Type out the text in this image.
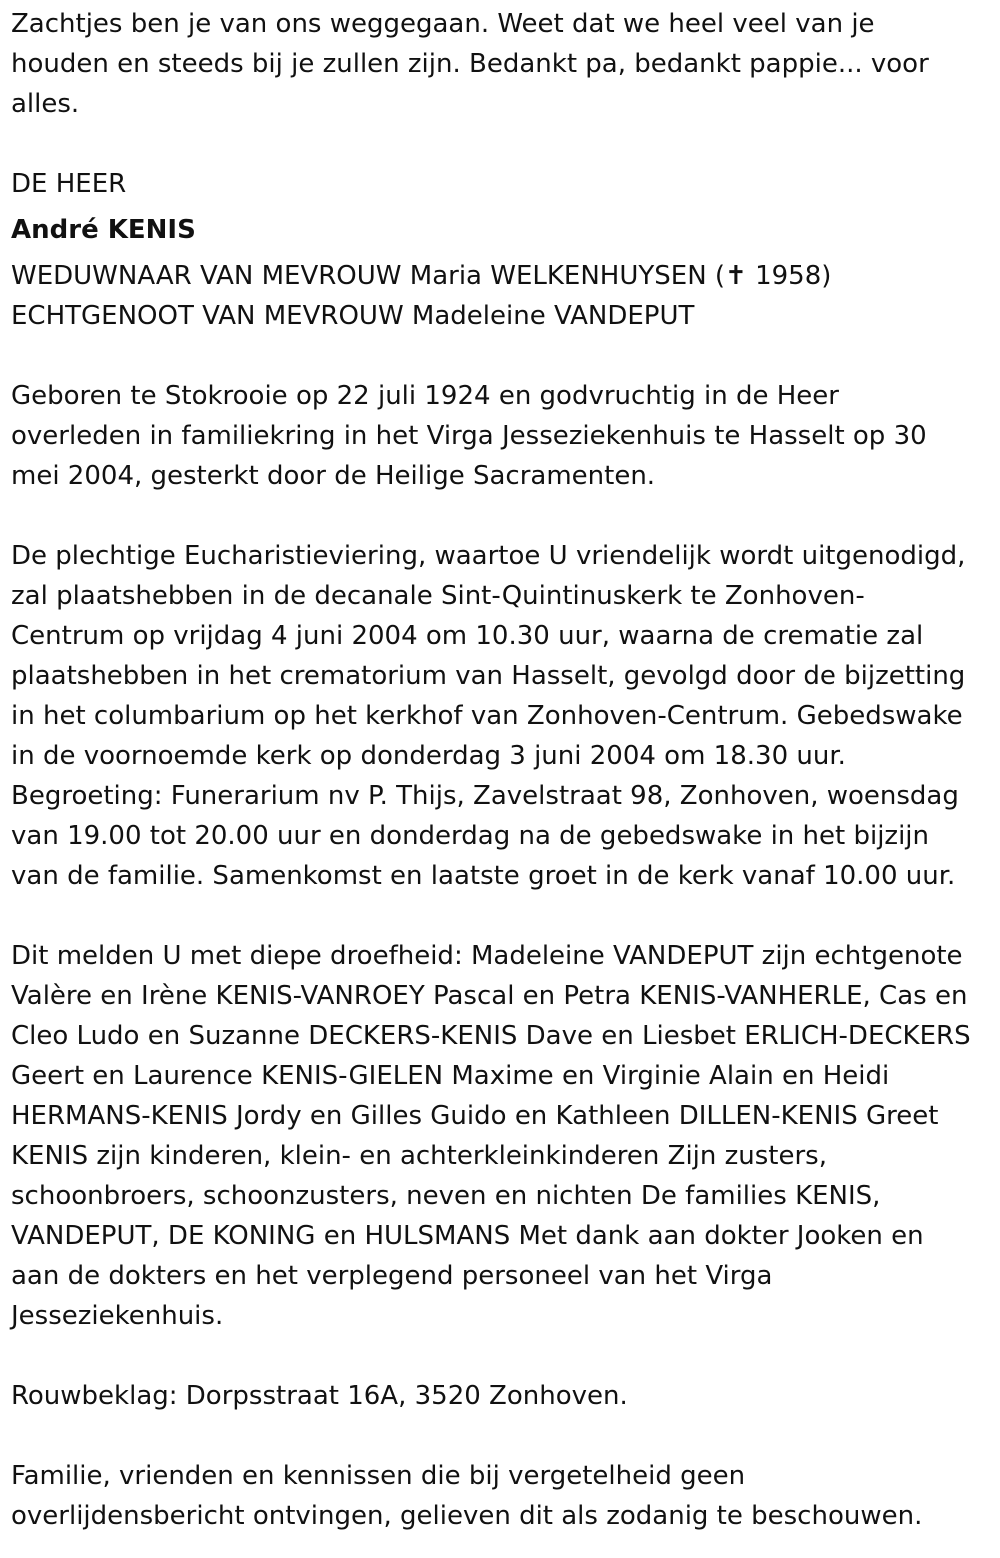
Zachtjes ben je van ons weggegaan. Weet dat we heel veel van je
houden en steeds bij je zullen zijn. Bedankt pa, bedankt pappie... voor
alles.

DE HEER

André KENIS

WEDUWNAAR VAN MEVROUW Maria WELKENHUYSEN (✝ 1958)
ECHTGENOOT VAN MEVROUW Madeleine VANDEPUT

Geboren te Stokrooie op 22 juli 1924 en godvruchtig in de Heer
overleden in familiekring in het Virga Jesseziekenhuis te Hasselt op 30
mei 2004, gesterkt door de Heilige Sacramenten.

De plechtige Eucharistieviering, waartoe U vriendelijk wordt uitgenodigd,
zal plaatshebben in de decanale Sint-Quintinuskerk te Zonhoven-
Centrum op vrijdag 4 juni 2004 om 10.30 uur, waarna de crematie zal
plaatshebben in het crematorium van Hasselt, gevolgd door de bijzetting
in het columbarium op het kerkhof van Zonhoven-Centrum. Gebedswake
in de voornoemde kerk op donderdag 3 juni 2004 om 18.30 uur.
Begroeting: Funerarium nv P. Thijs, Zavelstraat 98, Zonhoven, woensdag
van 19.00 tot 20.00 uur en donderdag na de gebedswake in het bijzijn
van de familie. Samenkomst en laatste groet in de kerk vanaf 10.00 uur.

Dit melden U met diepe droefheid: Madeleine VANDEPUT zijn echtgenote
Valère en Irène KENIS-VANROEY Pascal en Petra KENIS-VANHERLE, Cas en
Cleo Ludo en Suzanne DECKERS-KENIS Dave en Liesbet ERLICH-DECKERS
Geert en Laurence KENIS-GIELEN Maxime en Virginie Alain en Heidi
HERMANS-KENIS Jordy en Gilles Guido en Kathleen DILLEN-KENIS Greet
KENIS zijn kinderen, klein- en achterkleinkinderen Zijn zusters,
schoonbroers, schoonzusters, neven en nichten De families KENIS,
VANDEPUT, DE KONING en HULSMANS Met dank aan dokter Jooken en
aan de dokters en het verplegend personeel van het Virga
Jesseziekenhuis.

Rouwbeklag: Dorpsstraat 16A, 3520 Zonhoven.

Familie, vrienden en kennissen die bij vergetelheid geen
overlijdensbericht ontvingen, gelieven dit als zodanig te beschouwen.
